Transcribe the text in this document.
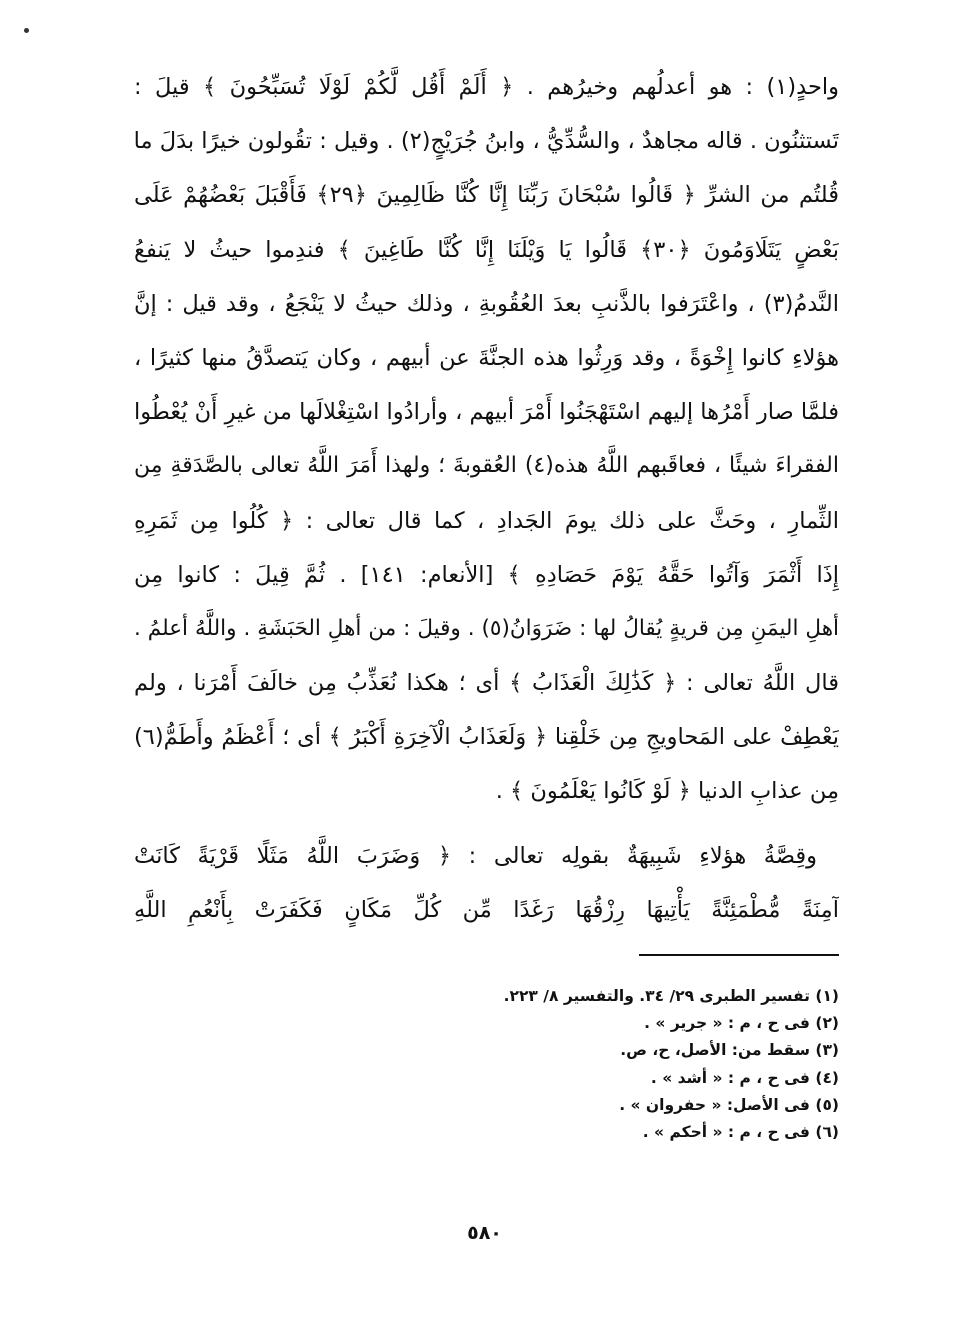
واحدٍ(١) : هو أعدلُهم وخيرُهم . ﴿ أَلَمْ أَقُل لَّكُمْ لَوْلَا تُسَبِّحُونَ ﴾ قيلَ :
تَستثنُون . قاله مجاهدٌ ، والسُّدِّيُّ ، وابنُ جُرَيْجٍ(٢) . وقيل : تقُولون خيرًا بدَلَ ما
قُلتُم من الشرِّ ﴿ قَالُوا سُبْحَانَ رَبِّنَا إِنَّا كُنَّا ظَالِمِينَ ﴿٢٩﴾ فَأَقْبَلَ بَعْضُهُمْ عَلَى
بَعْضٍ يَتَلَاوَمُونَ ﴿٣٠﴾ قَالُوا يَا وَيْلَنَا إِنَّا كُنَّا طَاغِينَ ﴾ فندِموا حيثُ لا يَنفعُ
النَّدمُ(٣) ، واعْتَرَفوا بالذَّنبِ بعدَ العُقُوبةِ ، وذلك حيثُ لا يَنْجَعُ ، وقد قيل : إنَّ
هؤلاءِ كانوا إِخْوَةً ، وقد وَرِثُوا هذه الجنَّةَ عن أبيهم ، وكان يَتصدَّقُ منها كثيرًا ،
فلمَّا صار أَمْرُها إليهم اسْتَهْجَنُوا أَمْرَ أبيهم ، وأرادُوا اسْتِغْلالَها من غيرِ أَنْ يُعْطُوا
الفقراءَ شيئًا ، فعاقَبهم اللَّهُ هذه(٤) العُقوبةَ ؛ ولهذا أَمَرَ اللَّهُ تعالى بالصَّدَقةِ مِن
الثِّمارِ ، وحَثَّ على ذلك يومَ الجَدادِ ، كما قال تعالى : ﴿ كُلُوا مِن ثَمَرِهِ
إِذَا أَثْمَرَ وَآتُوا حَقَّهُ يَوْمَ حَصَادِهِ ﴾ [الأنعام: ١٤١] . ثُمَّ قِيلَ : كانوا مِن
أهلِ اليمَنِ مِن قريةٍ يُقالُ لها : ضَرَوَانُ(٥) . وقيلَ : من أهلِ الحَبَشَةِ . واللَّهُ أعلمُ .
قال اللَّهُ تعالى : ﴿ كَذَٰلِكَ الْعَذَابُ ﴾ أى ؛ هكذا نُعَذِّبُ مِن خالَفَ أَمْرَنا ، ولم
يَعْطِفْ على المَحاويجِ مِن خَلْقِنا ﴿ وَلَعَذَابُ الْآخِرَةِ أَكْبَرُ ﴾ أى ؛ أَعْظَمُ وأَطَمُّ(٦)
مِن عذابِ الدنيا ﴿ لَوْ كَانُوا يَعْلَمُونَ ﴾ .
وقِصَّةُ هؤلاءِ شَبِيهَةٌ بقولِه تعالى : ﴿ وَضَرَبَ اللَّهُ مَثَلًا قَرْيَةً كَانَتْ
آمِنَةً مُّطْمَئِنَّةً يَأْتِيهَا رِزْقُهَا رَغَدًا مِّن كُلِّ مَكَانٍ فَكَفَرَتْ بِأَنْعُمِ اللَّهِ
(١) تفسير الطبرى ٢٩/ ٣٤. والتفسير ٨/ ٢٢٣.
(٢) فى ح ، م : « جرير » .
(٣) سقط من: الأصل، ح، ص.
(٤) فى ح ، م : « أشد » .
(٥) فى الأصل: « حفروان » .
(٦) فى ح ، م : « أحكم » .
٥٨٠
